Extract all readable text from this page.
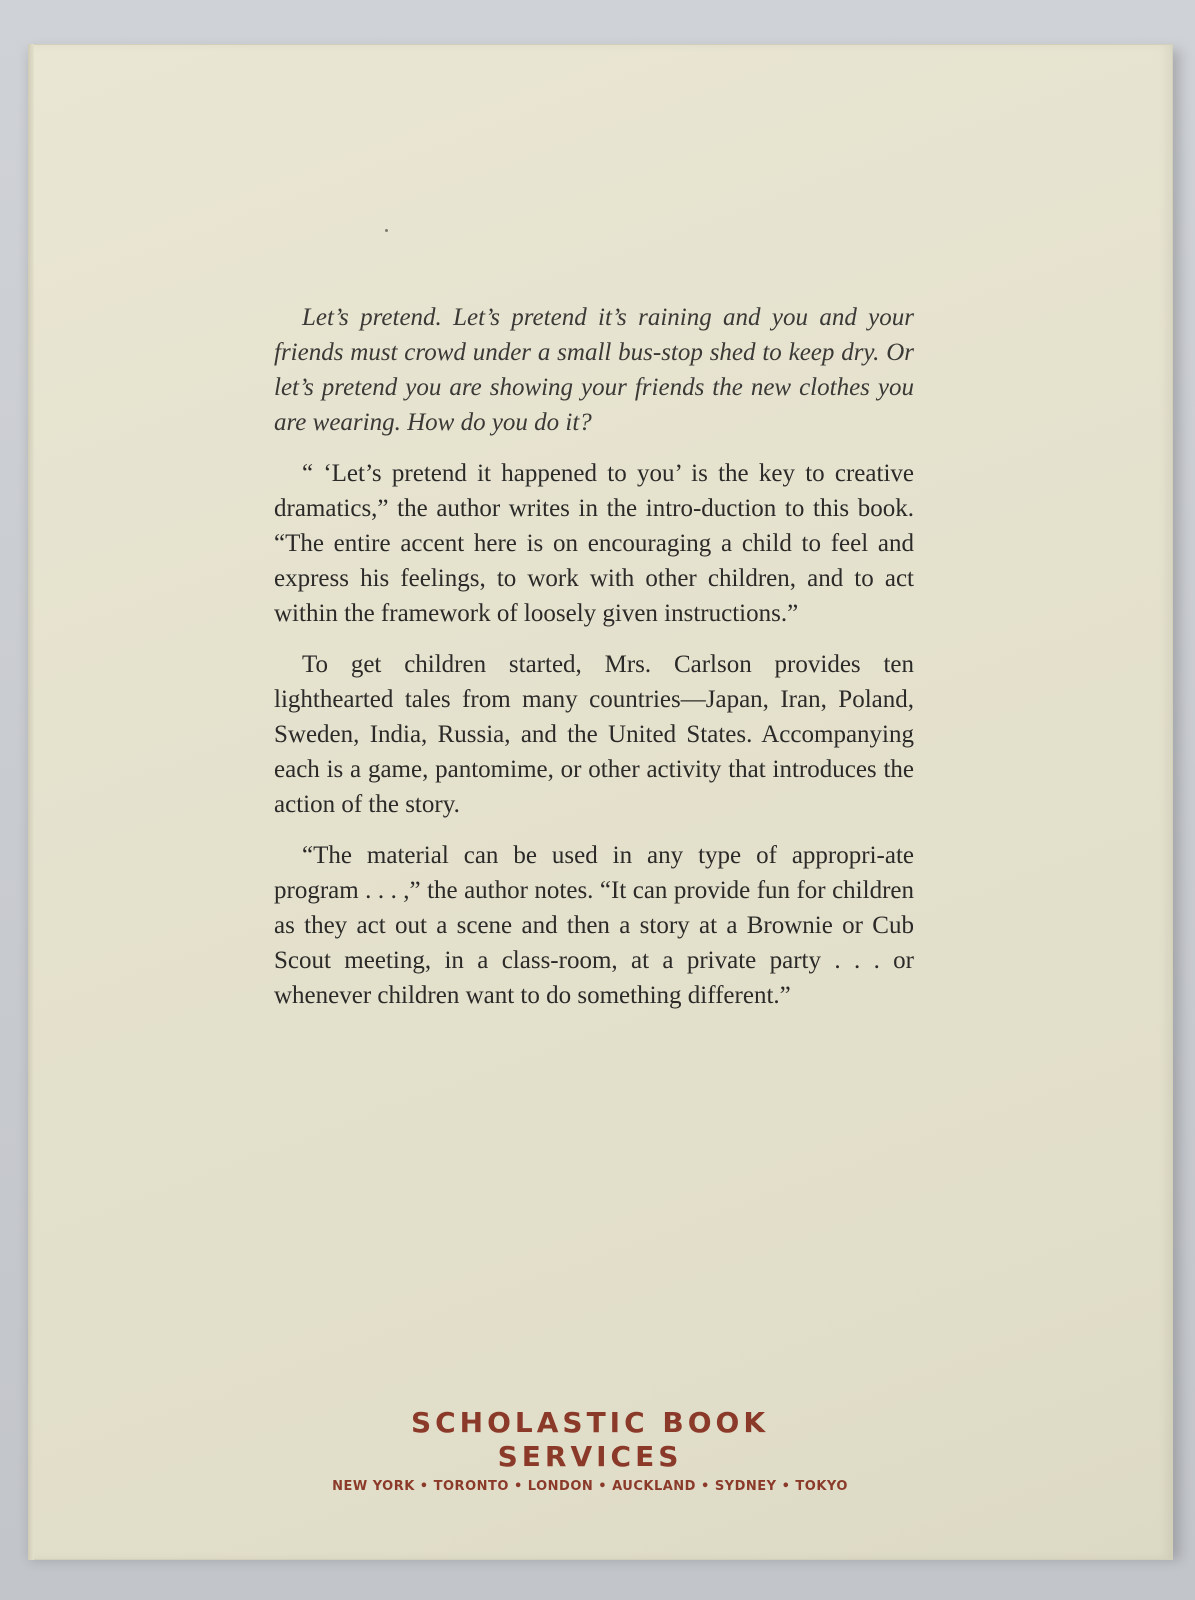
Let’s pretend. Let’s pretend it’s raining and you and your friends must crowd under a small bus-stop shed to keep dry. Or let’s pretend you are showing your friends the new clothes you are wearing. How do you do it?

“ ‘Let’s pretend it happened to you’ is the key to creative dramatics,” the author writes in the intro-duction to this book. “The entire accent here is on encouraging a child to feel and express his feelings, to work with other children, and to act within the framework of loosely given instructions.”

To get children started, Mrs. Carlson provides ten lighthearted tales from many countries—Japan, Iran, Poland, Sweden, India, Russia, and the United States. Accompanying each is a game, pantomime, or other activity that introduces the action of the story.

“The material can be used in any type of appropri-ate program . . . ,” the author notes. “It can provide fun for children as they act out a scene and then a story at a Brownie or Cub Scout meeting, in a class-room, at a private party . . . or whenever children want to do something different.”

SCHOLASTIC BOOK SERVICES
NEW YORK • TORONTO • LONDON • AUCKLAND • SYDNEY • TOKYO
